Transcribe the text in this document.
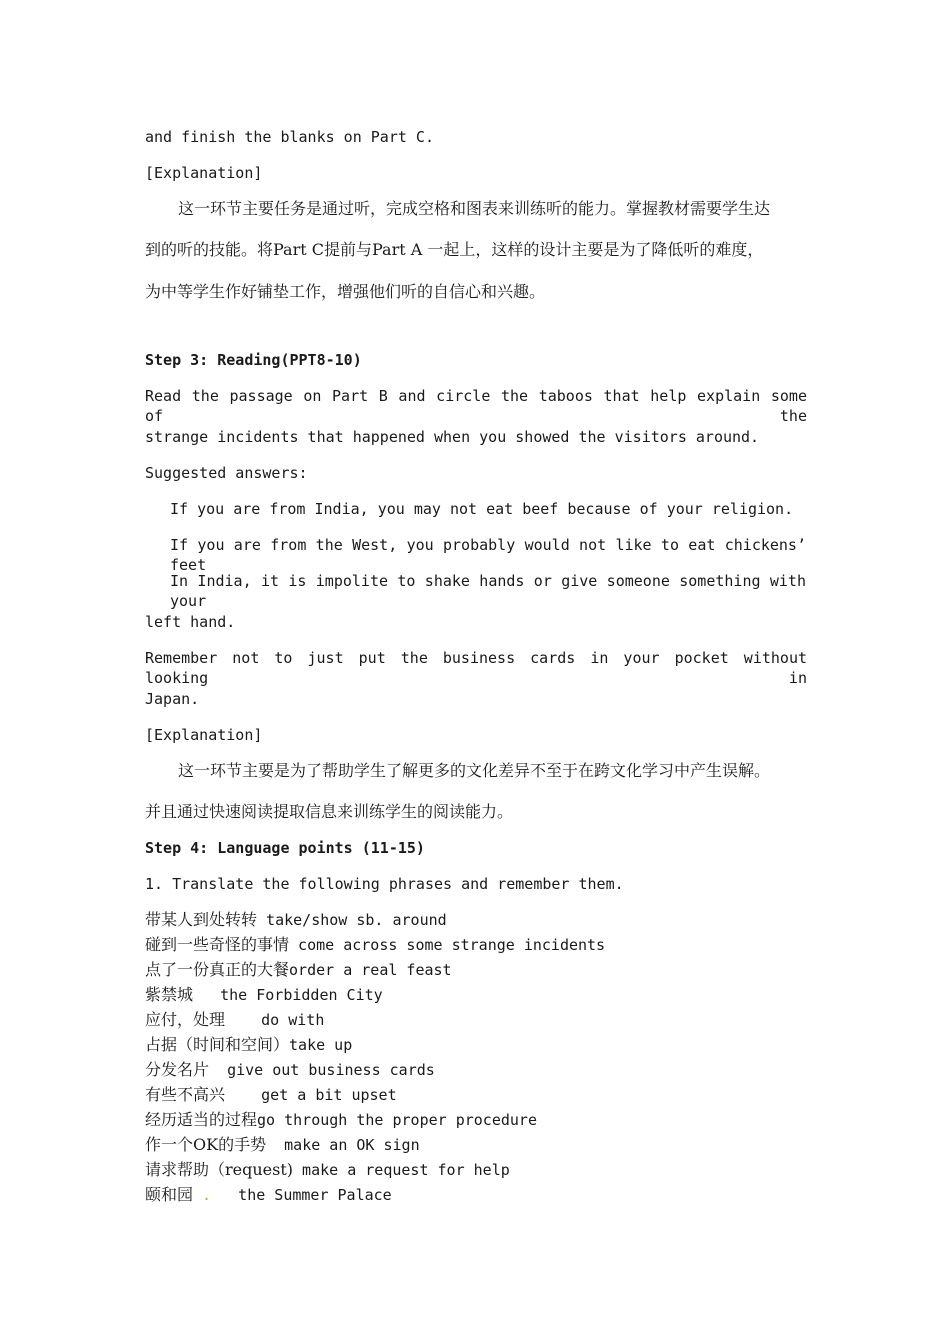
and finish the blanks on Part C.
[Explanation]
这一环节主要任务是通过听，完成空格和图表来训练听的能力。掌握教材需要学生达
到的听的技能。将Part C提前与Part A 一起上，这样的设计主要是为了降低听的难度，
为中等学生作好铺垫工作，增强他们听的自信心和兴趣。
Step 3: Reading(PPT8-10)
Read the passage on Part B and circle the taboos that help explain some of the
strange incidents that happened when you showed the visitors around.
Suggested answers:
If you are from India, you may not eat beef because of your religion.
If you are from the West, you probably would not like to eat chickens’ feet
In India, it is impolite to shake hands or give someone something with your
left hand.
Remember not to just put the business cards in your pocket without looking in
Japan.
[Explanation]
这一环节主要是为了帮助学生了解更多的文化差异不至于在跨文化学习中产生误解。
并且通过快速阅读提取信息来训练学生的阅读能力。
Step 4: Language points (11-15)
1. Translate the following phrases and remember them.
带某人到处转转 take/show sb. around
碰到一些奇怪的事情 come across some strange incidents
点了一份真正的大餐order a real feast
紫禁城   the Forbidden City
应付，处理    do with
占据（时间和空间）take up
分发名片  give out business cards
有些不高兴    get a bit upset
经历适当的过程go through the proper procedure
作一个OK的手势  make an OK sign
请求帮助（request) make a request for help
颐和园 .   the Summer Palace
